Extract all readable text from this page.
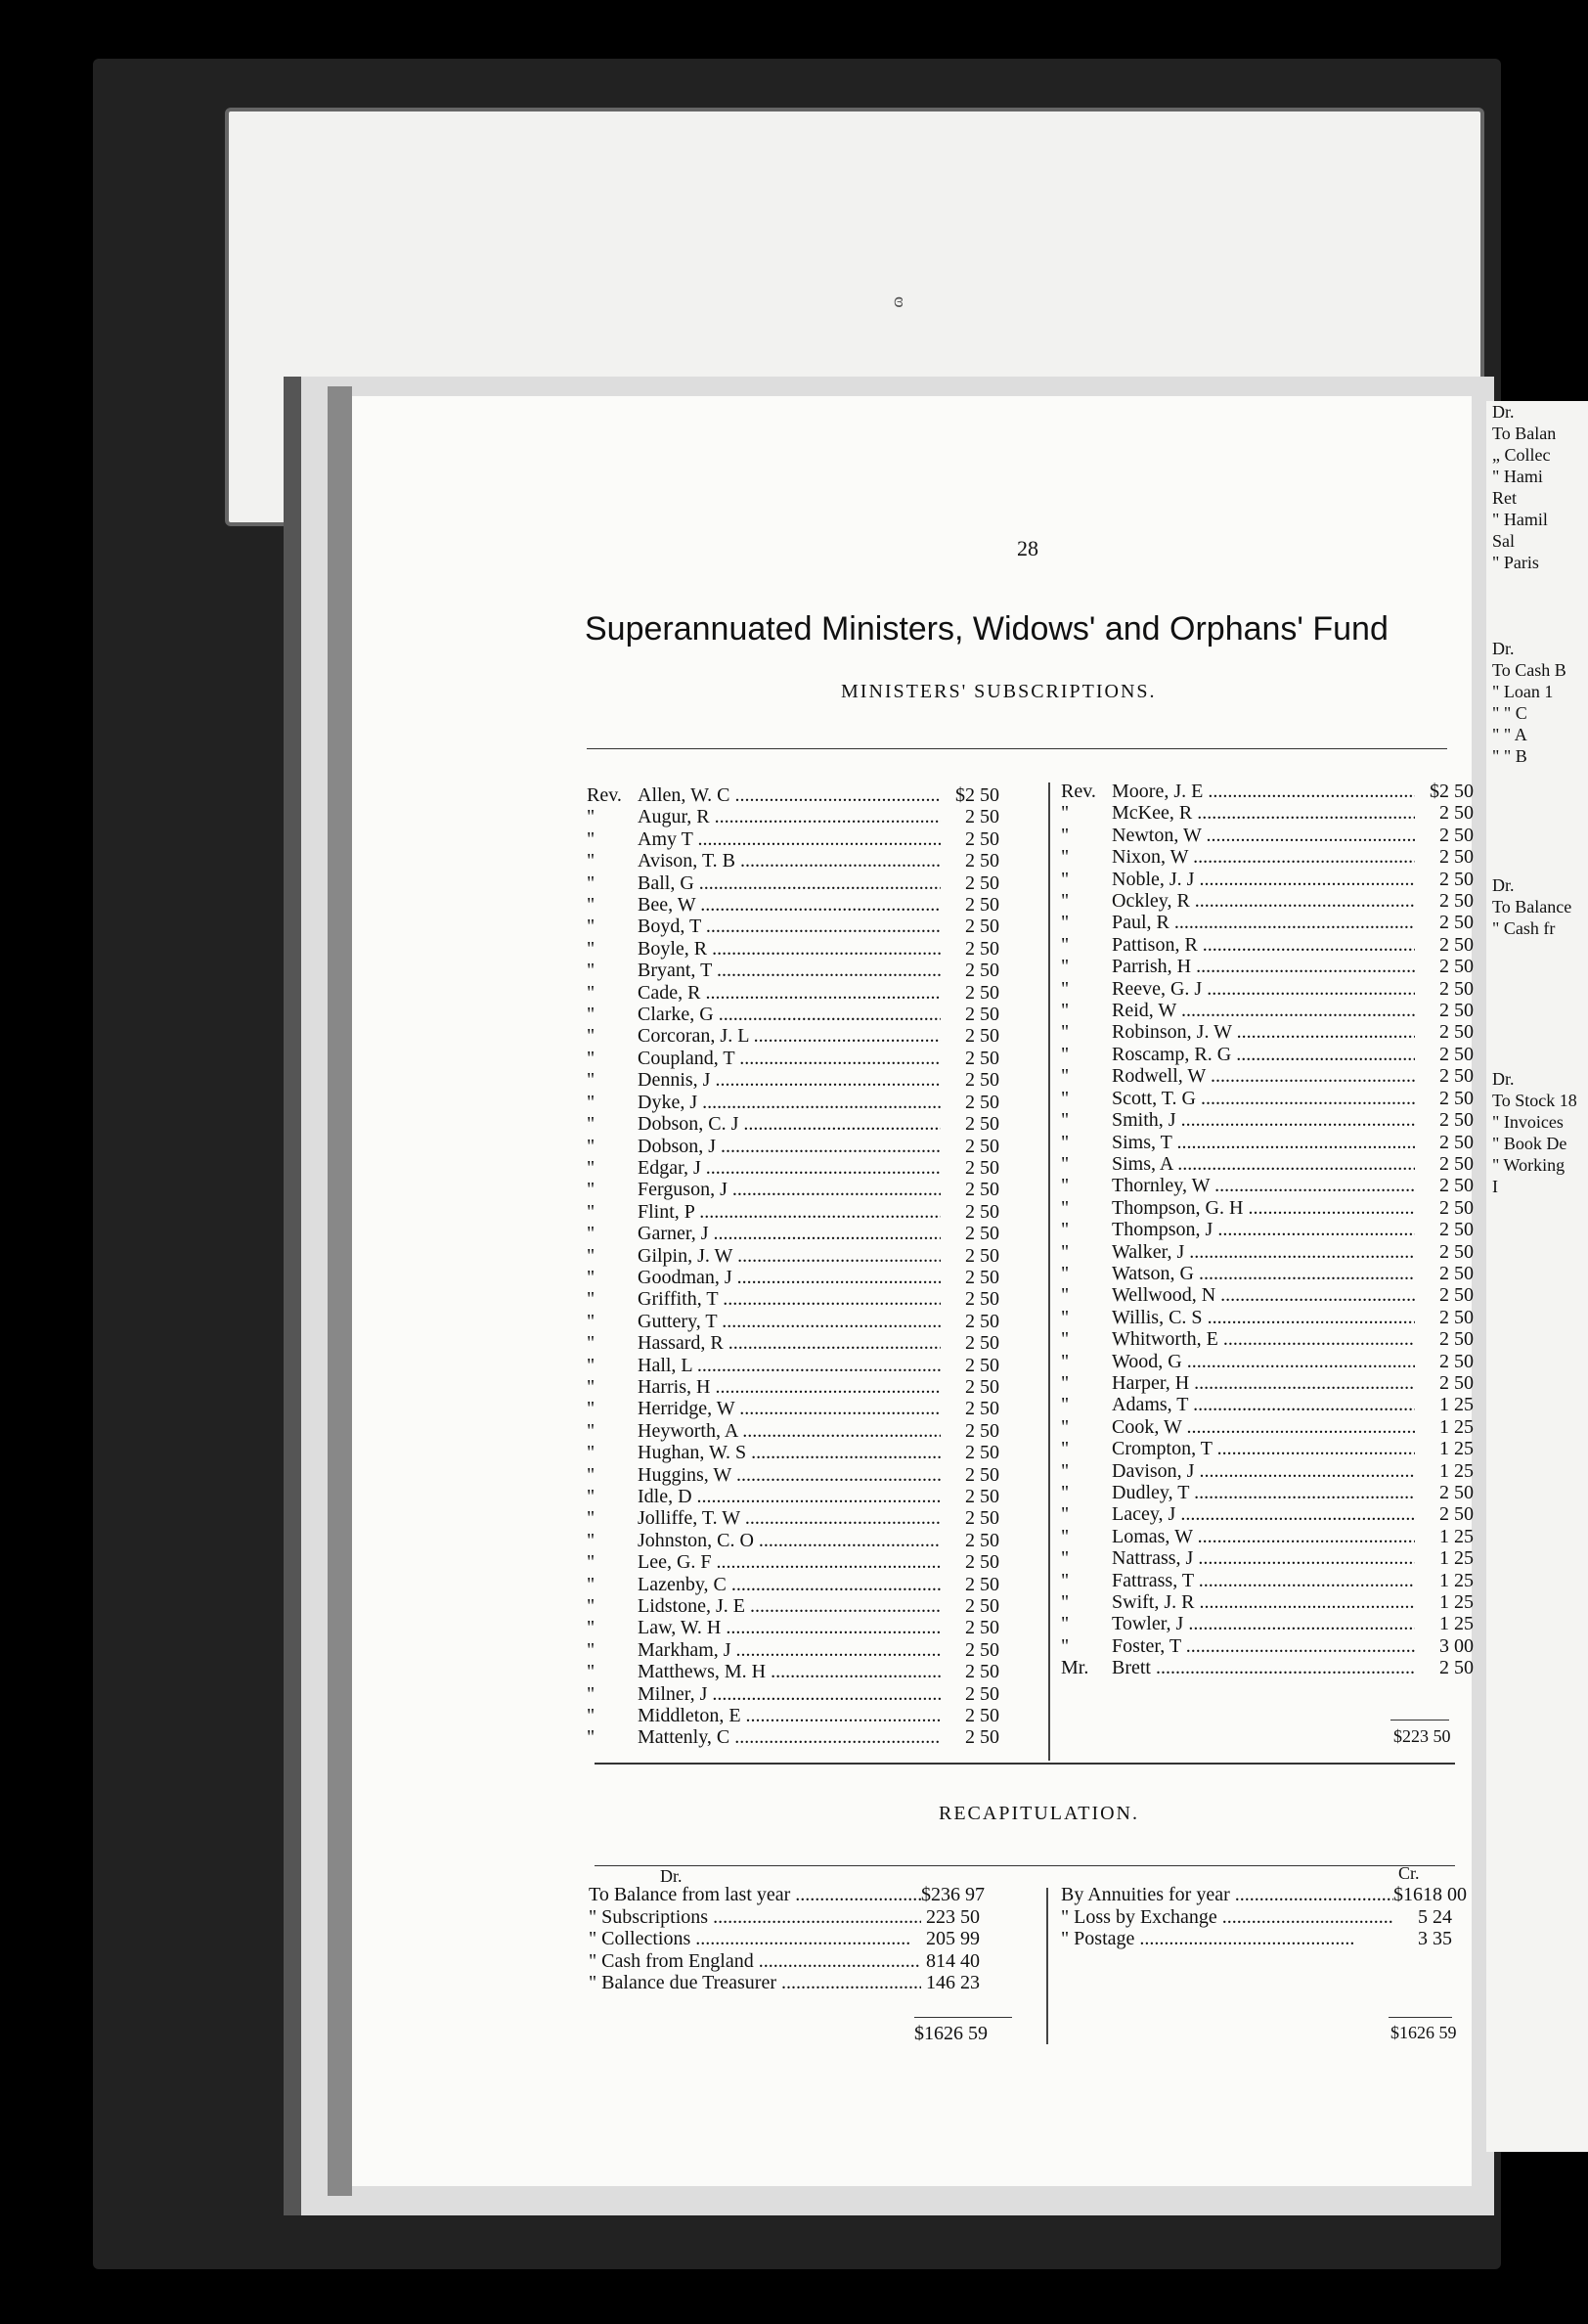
ɞ
28
Superannuated Ministers, Widows' and Orphans' Fund
MINISTERS' SUBSCRIPTIONS.
Rev. Allen, W. C .....	$2 50
"	Augur, R .....	2 50
"	Amy T .....	2 50
"	Avison, T. B .....	2 50
"	Ball, G .....	2 50
"	Bee, W .....	2 50
"	Boyd, T .....	2 50
"	Boyle, R .....	2 50
"	Bryant, T .....	2 50
"	Cade, R .....	2 50
"	Clarke, G .....	2 50
"	Corcoran, J. L .....	2 50
"	Coupland, T .....	2 50
"	Dennis, J .....	2 50
"	Dyke, J .....	2 50
"	Dobson, C. J .....	2 50
"	Dobson, J .....	2 50
"	Edgar, J .....	2 50
"	Ferguson, J .....	2 50
"	Flint, P .....	2 50
"	Garner, J .....	2 50
"	Gilpin, J. W .....	2 50
"	Goodman, J .....	2 50
"	Griffith, T .....	2 50
"	Guttery, T .....	2 50
"	Hassard, R .....	2 50
"	Hall, L .....	2 50
"	Harris, H .....	2 50
"	Herridge, W .....	2 50
"	Heyworth, A .....	2 50
"	Hughan, W. S .....	2 50
"	Huggins, W .....	2 50
"	Idle, D .....	2 50
"	Jolliffe, T. W .....	2 50
"	Johnston, C. O .....	2 50
"	Lee, G. F .....	2 50
"	Lazenby, C .....	2 50
"	Lidstone, J. E .....	2 50
"	Law, W. H .....	2 50
"	Markham, J .....	2 50
"	Matthews, M. H .....	2 50
"	Milner, J .....	2 50
"	Middleton, E .....	2 50
"	Mattenly, C .....	2 50
Rev. Moore, J. E .....	$2 50
"	McKee, R .....	2 50
"	Newton, W .....	2 50
"	Nixon, W .....	2 50
"	Noble, J. J .....	2 50
"	Ockley, R .....	2 50
"	Paul, R .....	2 50
"	Pattison, R .....	2 50
"	Parrish, H .....	2 50
"	Reeve, G. J .....	2 50
"	Reid, W .....	2 50
"	Robinson, J. W .....	2 50
"	Roscamp, R. G .....	2 50
"	Rodwell, W .....	2 50
"	Scott, T. G .....	2 50
"	Smith, J .....	2 50
"	Sims, T .....	2 50
"	Sims, A .....	2 50
"	Thornley, W .....	2 50
"	Thompson, G. H .....	2 50
"	Thompson, J .....	2 50
"	Walker, J .....	2 50
"	Watson, G .....	2 50
"	Wellwood, N .....	2 50
"	Willis, C. S .....	2 50
"	Whitworth, E .....	2 50
"	Wood, G .....	2 50
"	Harper, H .....	2 50
"	Adams, T .....	1 25
"	Cook, W .....	1 25
"	Crompton, T .....	1 25
"	Davison, J .....	1 25
"	Dudley, T .....	2 50
"	Lacey, J .....	2 50
"	Lomas, W .....	1 25
"	Nattrass, J .....	1 25
"	Fattrass, T .....	1 25
"	Swift, J. R .....	1 25
"	Towler, J .....	1 25
"	Foster, T .....	3 00
Mr.	Brett .....	2 50
$223 50
RECAPITULATION.
Dr.	Cr.
To Balance from last year .....	$236 97
" Subscriptions .....	223 50
" Collections .....	205 99
" Cash from England .....	814 40
" Balance due Treasurer .....	146 23
By Annuities for year .....	$1618 00
" Loss by Exchange .....	5 24
" Postage .....	3 35
$1626 59	$1626 59
Dr.
To Balan
„ Collec
" Hami
Ret
" Hamil
Sal
" Paris

Dr.
To Cash B
" Loan 1
" " C
" " A
" " B

Dr.
To Balance
" Cash fr

Dr.
To Stock 18
" Invoices
" Book De
" Working
I
